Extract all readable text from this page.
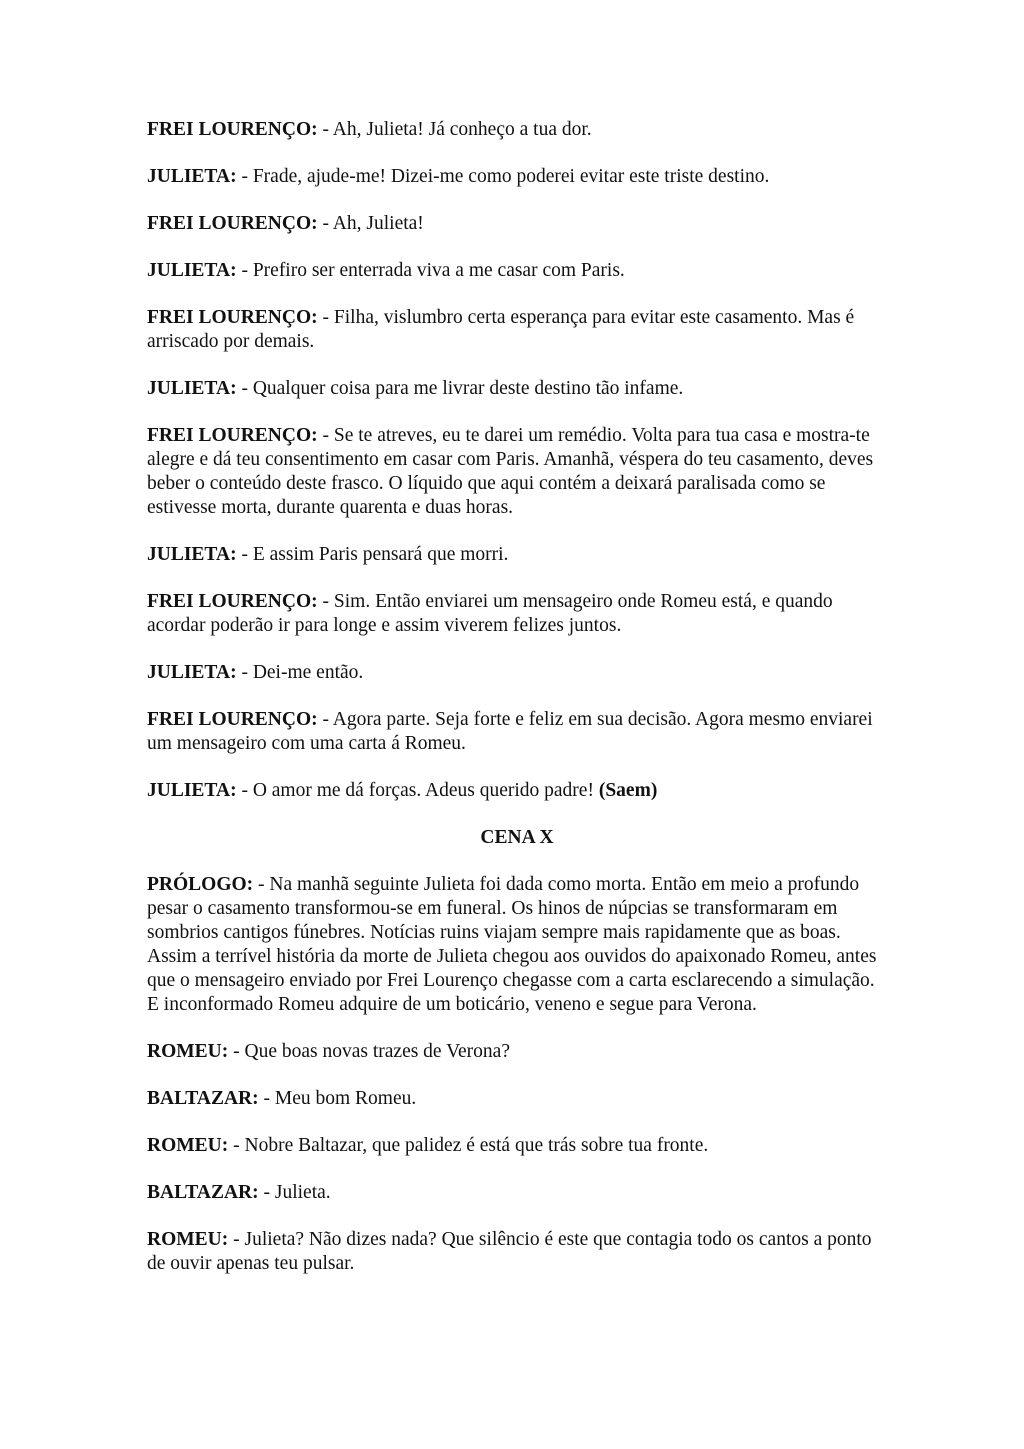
FREI LOURENÇO: - Ah, Julieta! Já conheço a tua dor.

JULIETA: - Frade, ajude-me! Dizei-me como poderei evitar este triste destino.

FREI LOURENÇO: - Ah, Julieta!

JULIETA: - Prefiro ser enterrada viva a me casar com Paris.

FREI LOURENÇO: - Filha, vislumbro certa esperança para evitar este casamento. Mas é arriscado por demais.

JULIETA: - Qualquer coisa para me livrar deste destino tão infame.

FREI LOURENÇO: - Se te atreves, eu te darei um remédio. Volta para tua casa e mostra-te alegre e dá teu consentimento em casar com Paris. Amanhã, véspera do teu casamento, deves beber o conteúdo deste frasco. O líquido que aqui contém a deixará paralisada como se estivesse morta, durante quarenta e duas horas.

JULIETA: - E assim Paris pensará que morri.

FREI LOURENÇO: - Sim. Então enviarei um mensageiro onde Romeu está, e quando acordar poderão ir para longe e assim viverem felizes juntos.

JULIETA: - Dei-me então.

FREI LOURENÇO: - Agora parte. Seja forte e feliz em sua decisão. Agora mesmo enviarei um mensageiro com uma carta á Romeu.

JULIETA: - O amor me dá forças. Adeus querido padre! (Saem)

CENA X

PRÓLOGO: - Na manhã seguinte Julieta foi dada como morta. Então em meio a profundo pesar o casamento transformou-se em funeral. Os hinos de núpcias se transformaram em sombrios cantigos fúnebres. Notícias ruins viajam sempre mais rapidamente que as boas. Assim a terrível história da morte de Julieta chegou aos ouvidos do apaixonado Romeu, antes que o mensageiro enviado por Frei Lourenço chegasse com a carta esclarecendo a simulação. E inconformado Romeu adquire de um boticário, veneno e segue para Verona.

ROMEU: - Que boas novas trazes de Verona?

BALTAZAR: - Meu bom Romeu.

ROMEU: - Nobre Baltazar, que palidez é está que trás sobre tua fronte.

BALTAZAR: - Julieta.

ROMEU: - Julieta? Não dizes nada? Que silêncio é este que contagia todo os cantos a ponto de ouvir apenas teu pulsar.
